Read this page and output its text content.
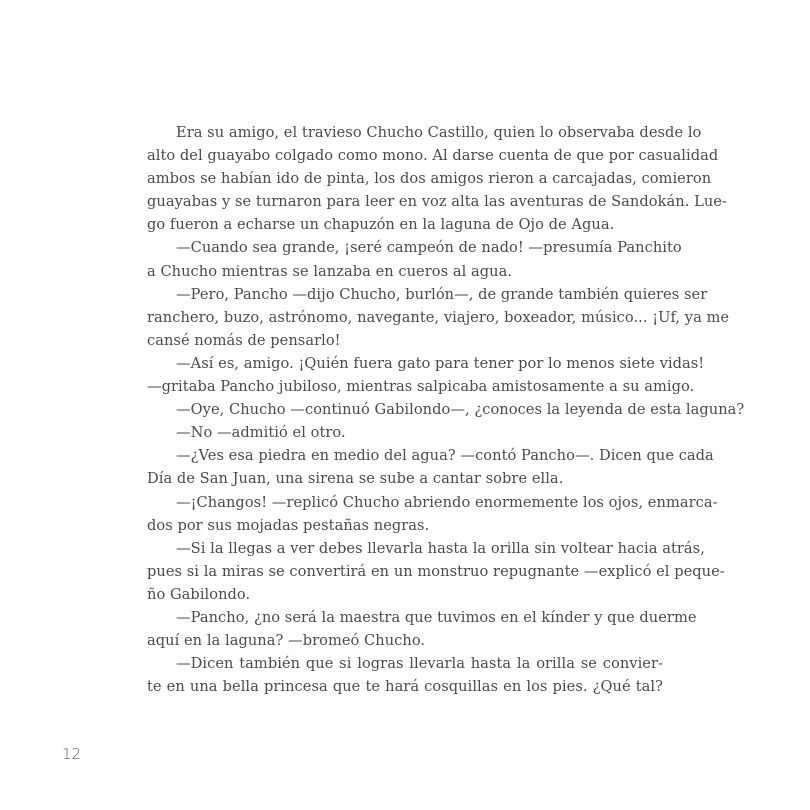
Era su amigo, el travieso Chucho Castillo, quien lo observaba desde lo
alto del guayabo colgado como mono. Al darse cuenta de que por casualidad
ambos se habían ido de pinta, los dos amigos rieron a carcajadas, comieron
guayabas y se turnaron para leer en voz alta las aventuras de Sandokán. Lue-
go fueron a echarse un chapuzón en la laguna de Ojo de Agua.
—Cuando sea grande, ¡seré campeón de nado! —presumía Panchito
a Chucho mientras se lanzaba en cueros al agua.
—Pero, Pancho —dijo Chucho, burlón—, de grande también quieres ser
ranchero, buzo, astrónomo, navegante, viajero, boxeador, músico... ¡Uf, ya me
cansé nomás de pensarlo!
—Así es, amigo. ¡Quién fuera gato para tener por lo menos siete vidas!
—gritaba Pancho jubiloso, mientras salpicaba amistosamente a su amigo.
—Oye, Chucho —continuó Gabilondo—, ¿conoces la leyenda de esta laguna?
—No —admitió el otro.
—¿Ves esa piedra en medio del agua? —contó Pancho—. Dicen que cada
Día de San Juan, una sirena se sube a cantar sobre ella.
—¡Changos! —replicó Chucho abriendo enormemente los ojos, enmarca-
dos por sus mojadas pestañas negras.
—Si la llegas a ver debes llevarla hasta la orilla sin voltear hacia atrás,
pues si la miras se convertirá en un monstruo repugnante —explicó el peque-
ño Gabilondo.
—Pancho, ¿no será la maestra que tuvimos en el kínder y que duerme
aquí en la laguna? —bromeó Chucho.
—Dicen también que si logras llevarla hasta la orilla se convier-
te en una bella princesa que te hará cosquillas en los pies. ¿Qué tal?
12
